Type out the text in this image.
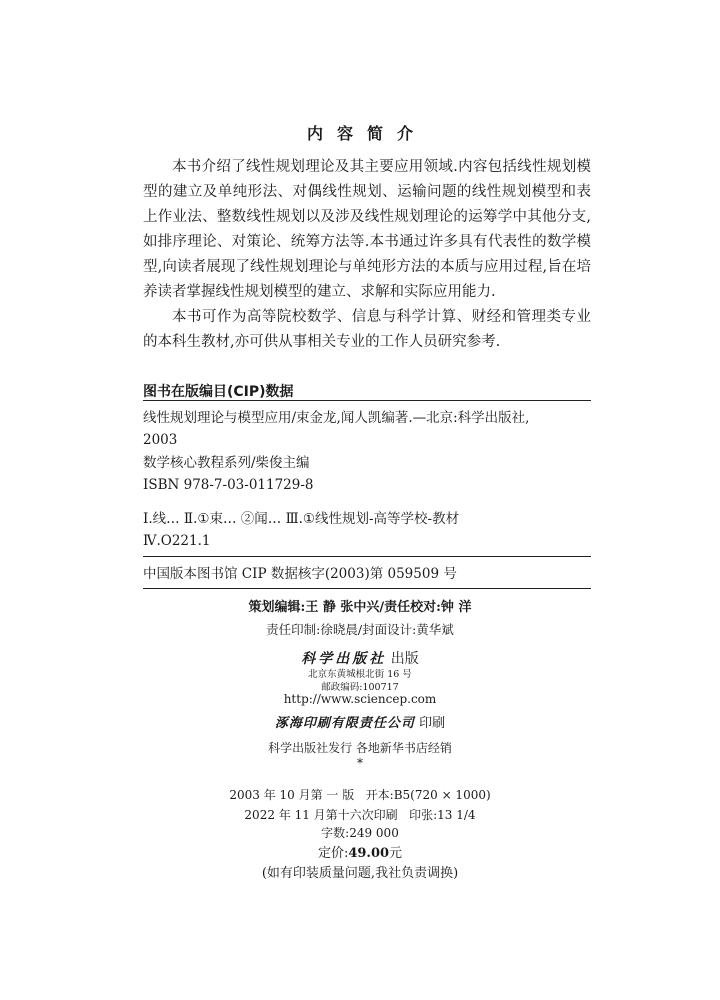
内容简介

本书介绍了线性规划理论及其主要应用领域.内容包括线性规划模型的建立及单纯形法、对偶线性规划、运输问题的线性规划模型和表上作业法、整数线性规划以及涉及线性规划理论的运筹学中其他分支,如排序理论、对策论、统筹方法等.本书通过许多具有代表性的数学模型,向读者展现了线性规划理论与单纯形方法的本质与应用过程,旨在培养读者掌握线性规划模型的建立、求解和实际应用能力.

本书可作为高等院校数学、信息与科学计算、财经和管理类专业的本科生教材,亦可供从事相关专业的工作人员研究参考.

图书在版编目(CIP)数据
线性规划理论与模型应用/束金龙,闻人凯编著.—北京:科学出版社,
2003
数学核心教程系列/柴俊主编
ISBN 978-7-03-011729-8
Ⅰ.线… Ⅱ.①束… ②闻… Ⅲ.①线性规划-高等学校-教材
Ⅳ.O221.1
中国版本图书馆 CIP 数据核字(2003)第 059509 号
策划编辑:王 静 张中兴/责任校对:钟 洋
责任印制:徐晓晨/封面设计:黄华斌
科学出版社 出版
北京东黄城根北街 16 号
邮政编码:100717
http://www.sciencep.com
涿海印刷有限责任公司 印刷
科学出版社发行 各地新华书店经销
*
2003 年 10 月第 一 版   开本:B5(720 × 1000)
2022 年 11 月第十六次印刷   印张:13 1/4
字数:249 000
定价:49.00元
(如有印装质量问题,我社负责调换)
